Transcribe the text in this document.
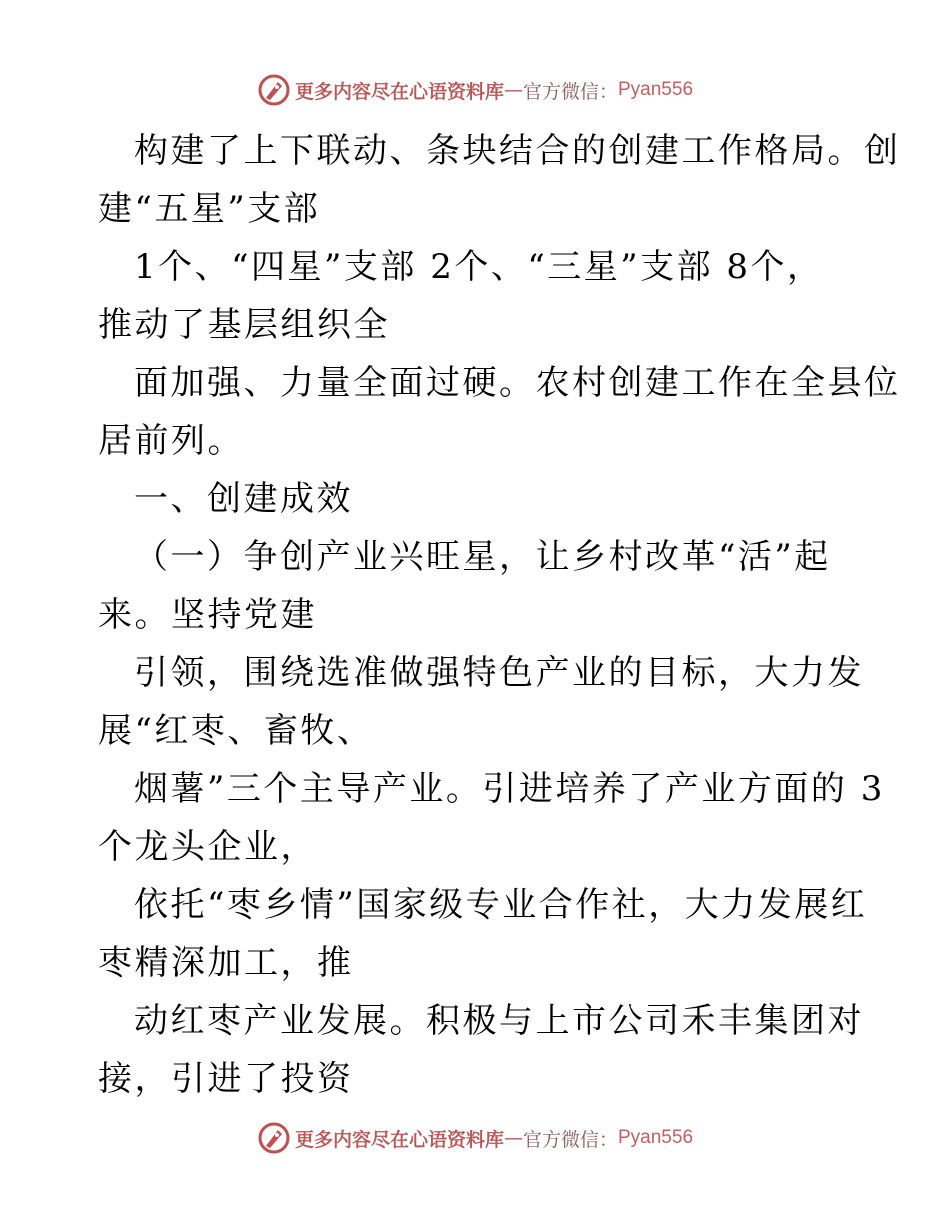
更多内容尽在心语资料库 — 官方微信： Pyan556
构建了上下联动、条块结合的创建工作格局。创
建“五星”支部
1个、“四星”支部 2个、“三星”支部 8个，
推动了基层组织全
面加强、力量全面过硬。农村创建工作在全县位
居前列。
一、创建成效
（一）争创产业兴旺星，让乡村改革“活”起
来。坚持党建
引领，围绕选准做强特色产业的目标，大力发
展“红枣、畜牧、
烟薯”三个主导产业。引进培养了产业方面的 3
个龙头企业，
依托“枣乡情”国家级专业合作社，大力发展红
枣精深加工，推
动红枣产业发展。积极与上市公司禾丰集团对
接，引进了投资
更多内容尽在心语资料库 — 官方微信： Pyan556
